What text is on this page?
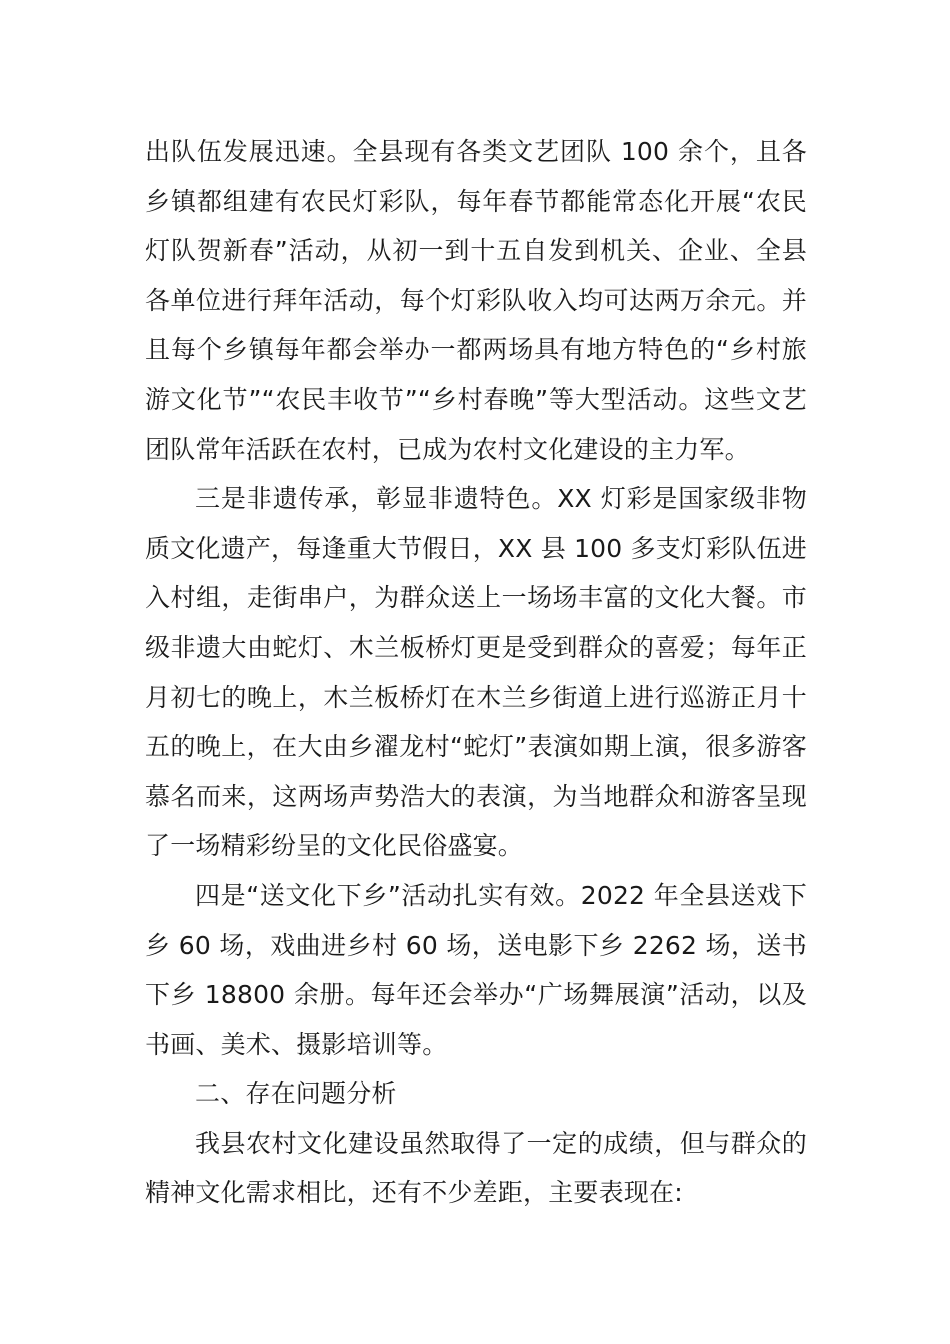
出队伍发展迅速。全县现有各类文艺团队 100 余个，且各乡镇都组建有农民灯彩队，每年春节都能常态化开展“农民灯队贺新春”活动，从初一到十五自发到机关、企业、全县各单位进行拜年活动，每个灯彩队收入均可达两万余元。并且每个乡镇每年都会举办一都两场具有地方特色的“乡村旅游文化节”“农民丰收节”“乡村春晚”等大型活动。这些文艺团队常年活跃在农村，已成为农村文化建设的主力军。

三是非遗传承，彰显非遗特色。XX 灯彩是国家级非物质文化遗产，每逢重大节假日，XX 县 100 多支灯彩队伍进入村组，走街串户，为群众送上一场场丰富的文化大餐。市级非遗大由蛇灯、木兰板桥灯更是受到群众的喜爱；每年正月初七的晚上，木兰板桥灯在木兰乡街道上进行巡游正月十五的晚上，在大由乡濯龙村“蛇灯”表演如期上演，很多游客慕名而来，这两场声势浩大的表演，为当地群众和游客呈现了一场精彩纷呈的文化民俗盛宴。

四是“送文化下乡”活动扎实有效。2022 年全县送戏下乡 60 场，戏曲进乡村 60 场，送电影下乡 2262 场，送书下乡 18800 余册。每年还会举办“广场舞展演”活动，以及书画、美术、摄影培训等。

二、存在问题分析

我县农村文化建设虽然取得了一定的成绩，但与群众的精神文化需求相比，还有不少差距，主要表现在:
